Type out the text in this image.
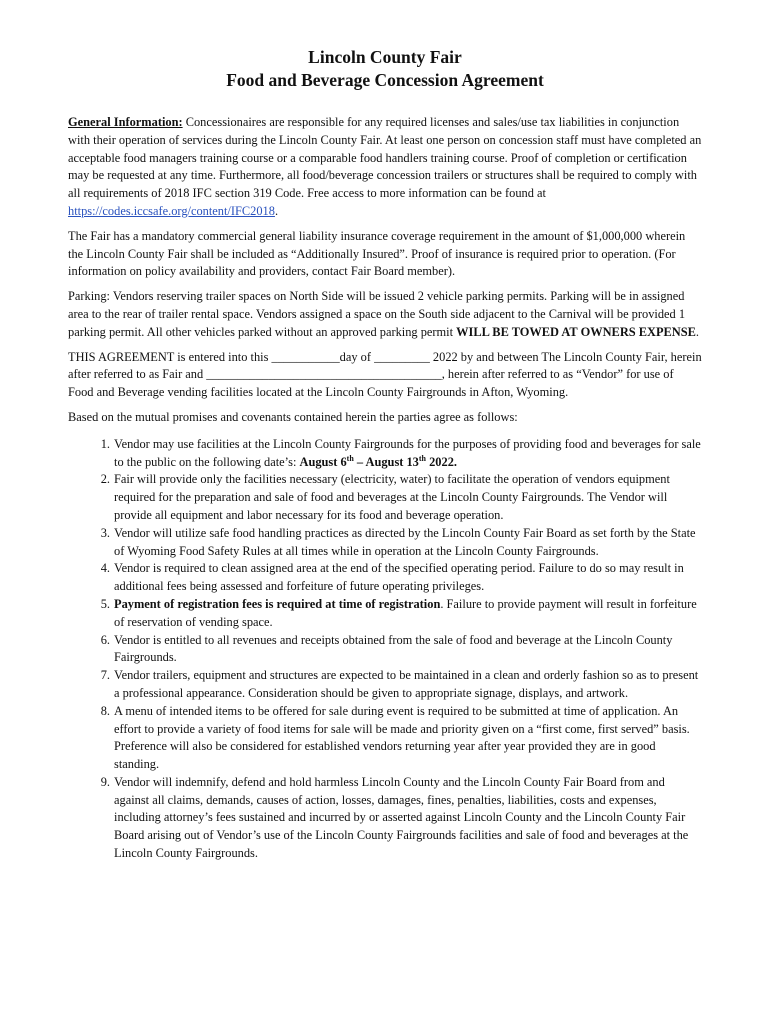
Lincoln County Fair

Food and Beverage Concession Agreement

General Information: Concessionaires are responsible for any required licenses and sales/use tax liabilities in conjunction with their operation of services during the Lincoln County Fair. At least one person on concession staff must have completed an acceptable food managers training course or a comparable food handlers training course. Proof of completion or certification may be requested at any time. Furthermore, all food/beverage concession trailers or structures shall be required to comply with all requirements of 2018 IFC section 319 Code. Free access to more information can be found at https://codes.iccsafe.org/content/IFC2018.

The Fair has a mandatory commercial general liability insurance coverage requirement in the amount of $1,000,000 wherein the Lincoln County Fair shall be included as “Additionally Insured”. Proof of insurance is required prior to operation. (For information on policy availability and providers, contact Fair Board member).

Parking: Vendors reserving trailer spaces on North Side will be issued 2 vehicle parking permits. Parking will be in assigned area to the rear of trailer rental space. Vendors assigned a space on the South side adjacent to the Carnival will be provided 1 parking permit. All other vehicles parked without an approved parking permit WILL BE TOWED AT OWNERS EXPENSE.

THIS AGREEMENT is entered into this ___________day of _________ 2022 by and between The Lincoln County Fair, herein after referred to as Fair and ______________________________________, herein after referred to as “Vendor” for use of Food and Beverage vending facilities located at the Lincoln County Fairgrounds in Afton, Wyoming.

Based on the mutual promises and covenants contained herein the parties agree as follows:

1. Vendor may use facilities at the Lincoln County Fairgrounds for the purposes of providing food and beverages for sale to the public on the following date’s: August 6th – August 13th 2022.
2. Fair will provide only the facilities necessary (electricity, water) to facilitate the operation of vendors equipment required for the preparation and sale of food and beverages at the Lincoln County Fairgrounds. The Vendor will provide all equipment and labor necessary for its food and beverage operation.
3. Vendor will utilize safe food handling practices as directed by the Lincoln County Fair Board as set forth by the State of Wyoming Food Safety Rules at all times while in operation at the Lincoln County Fairgrounds.
4. Vendor is required to clean assigned area at the end of the specified operating period. Failure to do so may result in additional fees being assessed and forfeiture of future operating privileges.
5. Payment of registration fees is required at time of registration. Failure to provide payment will result in forfeiture of reservation of vending space.
6. Vendor is entitled to all revenues and receipts obtained from the sale of food and beverage at the Lincoln County Fairgrounds.
7. Vendor trailers, equipment and structures are expected to be maintained in a clean and orderly fashion so as to present a professional appearance. Consideration should be given to appropriate signage, displays, and artwork.
8. A menu of intended items to be offered for sale during event is required to be submitted at time of application. An effort to provide a variety of food items for sale will be made and priority given on a “first come, first served” basis. Preference will also be considered for established vendors returning year after year provided they are in good standing.
9. Vendor will indemnify, defend and hold harmless Lincoln County and the Lincoln County Fair Board from and against all claims, demands, causes of action, losses, damages, fines, penalties, liabilities, costs and expenses, including attorney’s fees sustained and incurred by or asserted against Lincoln County and the Lincoln County Fair Board arising out of Vendor’s use of the Lincoln County Fairgrounds facilities and sale of food and beverages at the Lincoln County Fairgrounds.
